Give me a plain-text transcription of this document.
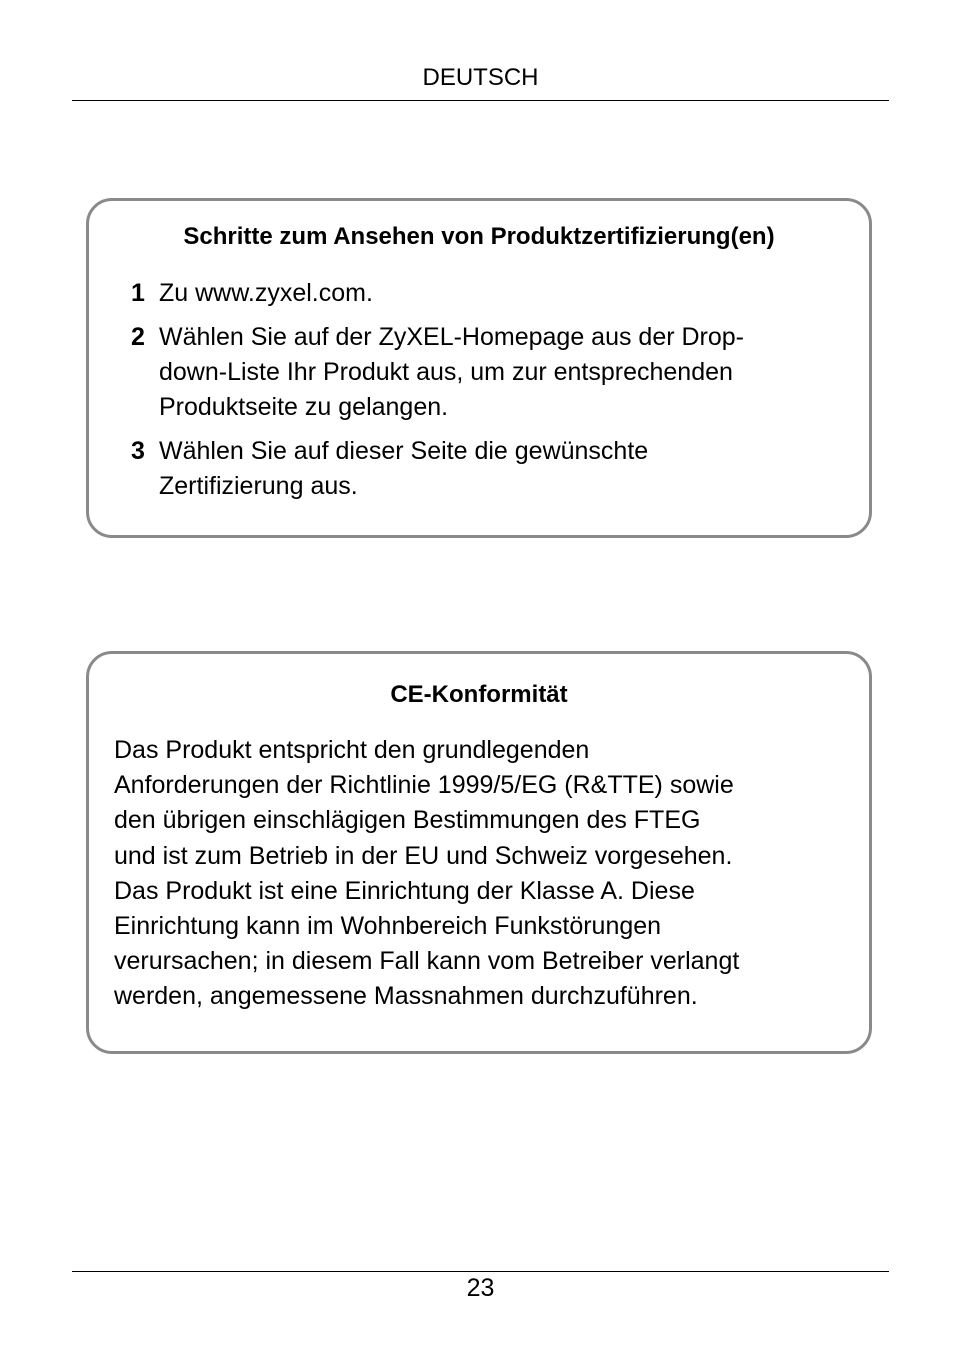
DEUTSCH
Schritte zum Ansehen von Produktzertifizierung(en)
1 Zu www.zyxel.com.
2 Wählen Sie auf der ZyXEL-Homepage aus der Drop-
down-Liste Ihr Produkt aus, um zur entsprechenden
Produktseite zu gelangen.
3 Wählen Sie auf dieser Seite die gewünschte
Zertifizierung aus.
CE-Konformität
Das Produkt entspricht den grundlegenden
Anforderungen der Richtlinie 1999/5/EG (R&TTE) sowie
den übrigen einschlägigen Bestimmungen des FTEG
und ist zum Betrieb in der EU und Schweiz vorgesehen.
Das Produkt ist eine Einrichtung der Klasse A. Diese
Einrichtung kann im Wohnbereich Funkstörungen
verursachen; in diesem Fall kann vom Betreiber verlangt
werden, angemessene Massnahmen durchzuführen.
23
